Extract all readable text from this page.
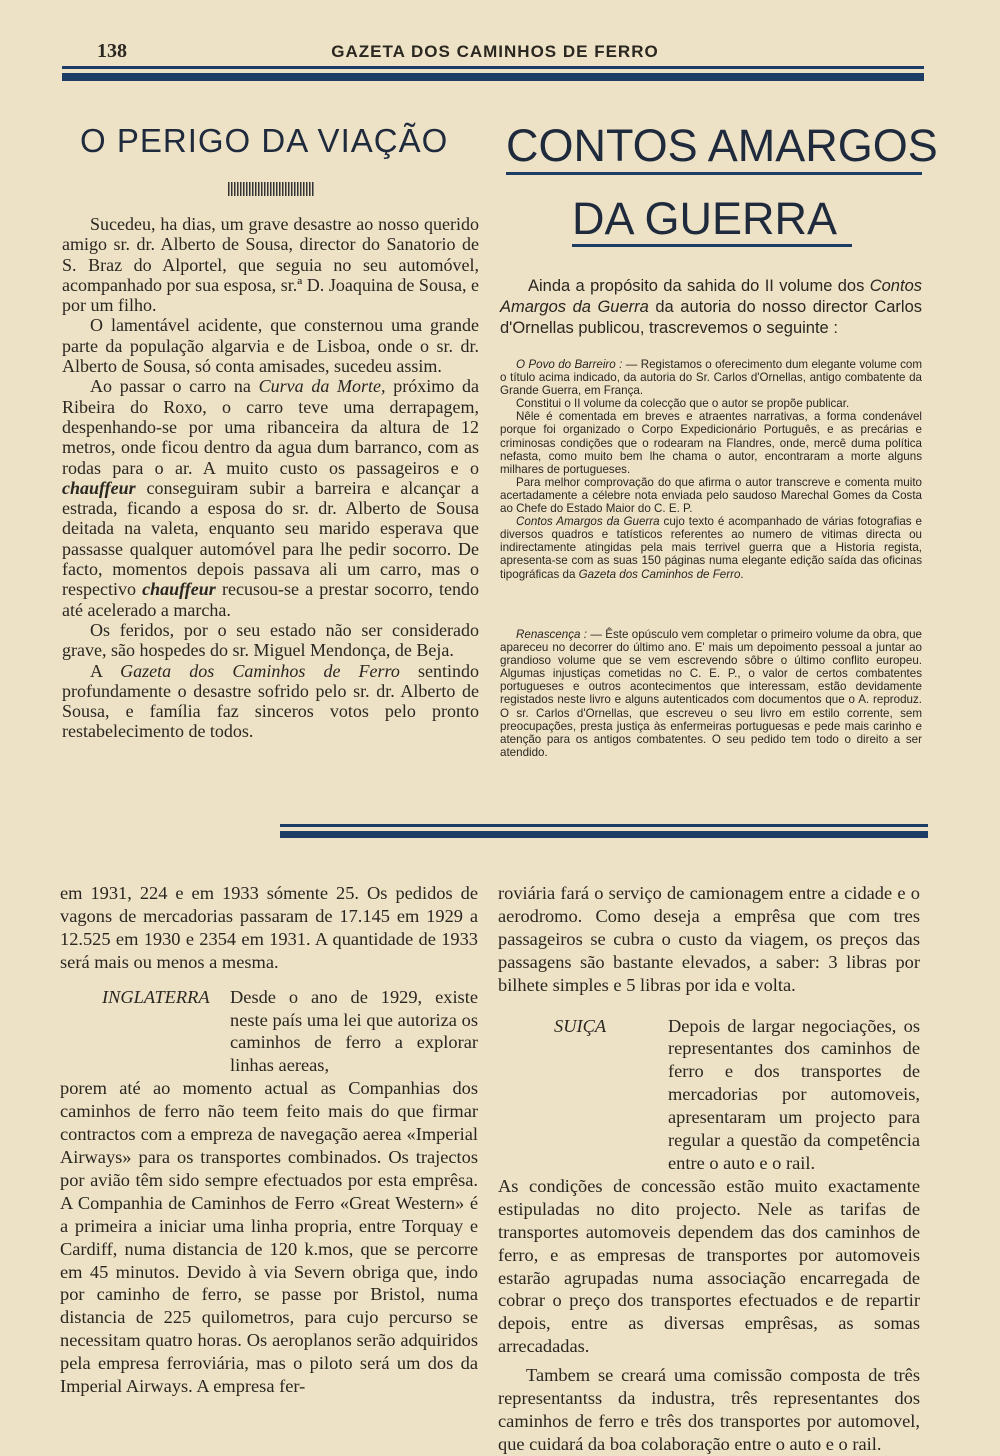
138	GAZETA DOS CAMINHOS DE FERRO
O PERIGO DA VIAÇÃO

Sucedeu, ha dias, um grave desastre ao nosso querido amigo sr. dr. Alberto de Sousa, director do Sanatorio de S. Braz do Alportel, que seguia no seu automóvel, acompanhado por sua esposa, sr.ª D. Joaquina de Sousa, e por um filho.

O lamentável acidente, que consternou uma grande parte da população algarvia e de Lisboa, onde o sr. dr. Alberto de Sousa, só conta amisades, sucedeu assim.

Ao passar o carro na Curva da Morte, próximo da Ribeira do Roxo, o carro teve uma derrapagem, despenhando-se por uma ribanceira da altura de 12 metros, onde ficou dentro da agua dum barranco, com as rodas para o ar. A muito custo os passageiros e o chauffeur conseguiram subir a barreira e alcançar a estrada, ficando a esposa do sr. dr. Alberto de Sousa deitada na valeta, enquanto seu marido esperava que passasse qualquer automóvel para lhe pedir socorro. De facto, momentos depois passava ali um carro, mas o respectivo chauffeur recusou-se a prestar socorro, tendo até acelerado a marcha.

Os feridos, por o seu estado não ser considerado grave, são hospedes do sr. Miguel Mendonça, de Beja.

A Gazeta dos Caminhos de Ferro sentindo profundamente o desastre sofrido pelo sr. dr. Alberto de Sousa, e família faz sinceros votos pelo pronto restabelecimento de todos.

CONTOS AMARGOS
DA GUERRA

Ainda a propósito da sahida do II volume dos Contos Amargos da Guerra da autoria do nosso director Carlos d'Ornellas publicou, trascrevemos o seguinte :

O Povo do Barreiro : — Registamos o oferecimento dum elegante volume com o título acima indicado, da autoria do Sr. Carlos d'Ornellas, antigo combatente da Grande Guerra, em França.

Constitui o II volume da colecção que o autor se propõe publicar.

Nêle é comentada em breves e atraentes narrativas, a forma condenável porque foi organizado o Corpo Expedicionário Português, e as precárias e criminosas condições que o rodearam na Flandres, onde, mercê duma política nefasta, como muito bem lhe chama o autor, encontraram a morte alguns milhares de portugueses.

Para melhor comprovação do que afirma o autor transcreve e comenta muito acertadamente a célebre nota enviada pelo saudoso Marechal Gomes da Costa ao Chefe do Estado Maior do C. E. P.

Contos Amargos da Guerra cujo texto é acompanhado de várias fotografias e diversos quadros e tatísticos referentes ao numero de vitimas directa ou indirectamente atingidas pela mais terrivel guerra que a Historia regista, apresenta-se com as suas 150 páginas numa elegante edição saída das oficinas tipográficas da Gazeta dos Caminhos de Ferro.

Renascença : — Êste opúsculo vem completar o primeiro volume da obra, que apareceu no decorrer do último ano. E' mais um depoimento pessoal a juntar ao grandioso volume que se vem escrevendo sôbre o último conflito europeu. Algumas injustiças cometidas no C. E. P., o valor de certos combatentes portugueses e outros acontecimentos que interessam, estão devidamente registados neste livro e alguns autenticados com documentos que o A. reproduz. O sr. Carlos d'Ornellas, que escreveu o seu livro em estilo corrente, sem preocupações, presta justiça às enfermeiras portuguesas e pede mais carinho e atenção para os antigos combatentes. O seu pedido tem todo o direito a ser atendido.

em 1931, 224 e em 1933 sómente 25. Os pedidos de vagons de mercadorias passaram de 17.145 em 1929 a 12.525 em 1930 e 2354 em 1931. A quantidade de 1933 será mais ou menos a mesma.

INGLATERRA	Desde o ano de 1929, existe neste país uma lei que autoriza os caminhos de ferro a explorar linhas aereas,

porem até ao momento actual as Companhias dos caminhos de ferro não teem feito mais do que firmar contractos com a empreza de navegação aerea «Imperial Airways» para os transportes combinados. Os trajectos por avião têm sido sempre efectuados por esta emprêsa. A Companhia de Caminhos de Ferro «Great Western» é a primeira a iniciar uma linha propria, entre Torquay e Cardiff, numa distancia de 120 k.mos, que se percorre em 45 minutos. Devido à via Severn obriga que, indo por caminho de ferro, se passe por Bristol, numa distancia de 225 quilometros, para cujo percurso se necessitam quatro horas. Os aeroplanos serão adquiridos pela empresa ferroviária, mas o piloto será um dos da Imperial Airways. A empresa fer-

roviária fará o serviço de camionagem entre a cidade e o aerodromo. Como deseja a emprêsa que com tres passageiros se cubra o custo da viagem, os preços das passagens são bastante elevados, a saber: 3 libras por bilhete simples e 5 libras por ida e volta.

SUIÇA	Depois de largar negociações, os representantes dos caminhos de ferro e dos transportes de mercadorias por automoveis, apresentaram um projecto para regular a questão da competência entre o auto e o rail.

As condições de concessão estão muito exactamente estipuladas no dito projecto. Nele as tarifas de transportes automoveis dependem das dos caminhos de ferro, e as empresas de transportes por automoveis estarão agrupadas numa associação encarregada de cobrar o preço dos transportes efectuados e de repartir depois, entre as diversas emprêsas, as somas arrecadadas.

Tambem se creará uma comissão composta de três representantss da industra, três representantes dos caminhos de ferro e três dos transportes por automovel, que cuidará da boa colaboração entre o auto e o rail.
